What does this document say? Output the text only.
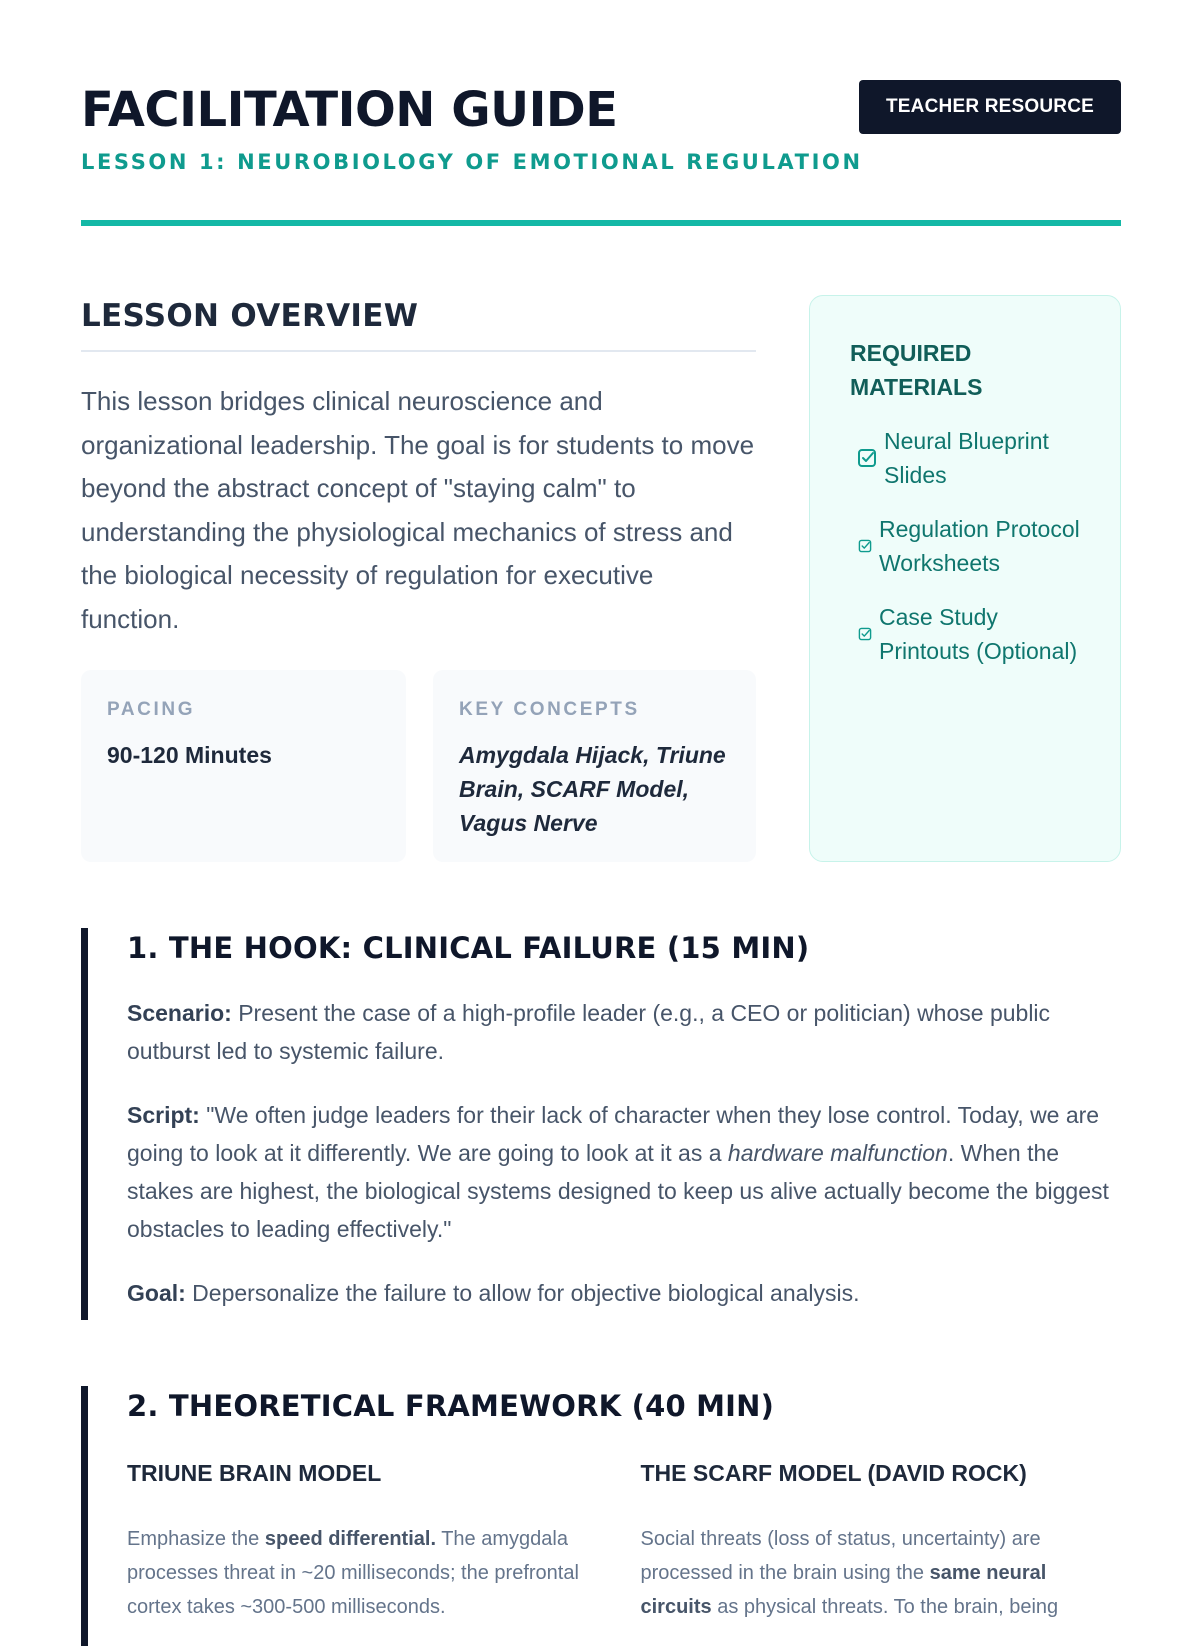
FACILITATION GUIDE
LESSON 1: NEUROBIOLOGY OF EMOTIONAL REGULATION
TEACHER RESOURCE
LESSON OVERVIEW

This lesson bridges clinical neuroscience and organizational leadership. The goal is for students to move beyond the abstract concept of "staying calm" to understanding the physiological mechanics of stress and the biological necessity of regulation for executive function.

PACING
90-120 Minutes
KEY CONCEPTS
Amygdala Hijack, Triune Brain, SCARF Model, Vagus Nerve
REQUIRED MATERIALS
Neural Blueprint Slides
Regulation Protocol Worksheets
Case Study Printouts (Optional)
1. THE HOOK: CLINICAL FAILURE (15 MIN)

Scenario: Present the case of a high-profile leader (e.g., a CEO or politician) whose public outburst led to systemic failure.

Script: "We often judge leaders for their lack of character when they lose control. Today, we are going to look at it differently. We are going to look at it as a hardware malfunction. When the stakes are highest, the biological systems designed to keep us alive actually become the biggest obstacles to leading effectively."

Goal: Depersonalize the failure to allow for objective biological analysis.

2. THEORETICAL FRAMEWORK (40 MIN)
TRIUNE BRAIN MODEL

Emphasize the speed differential. The amygdala processes threat in ~20 milliseconds; the prefrontal cortex takes ~300-500 milliseconds.

THE SCARF MODEL (DAVID ROCK)

Social threats (loss of status, uncertainty) are processed in the brain using the same neural circuits as physical threats. To the brain, being
